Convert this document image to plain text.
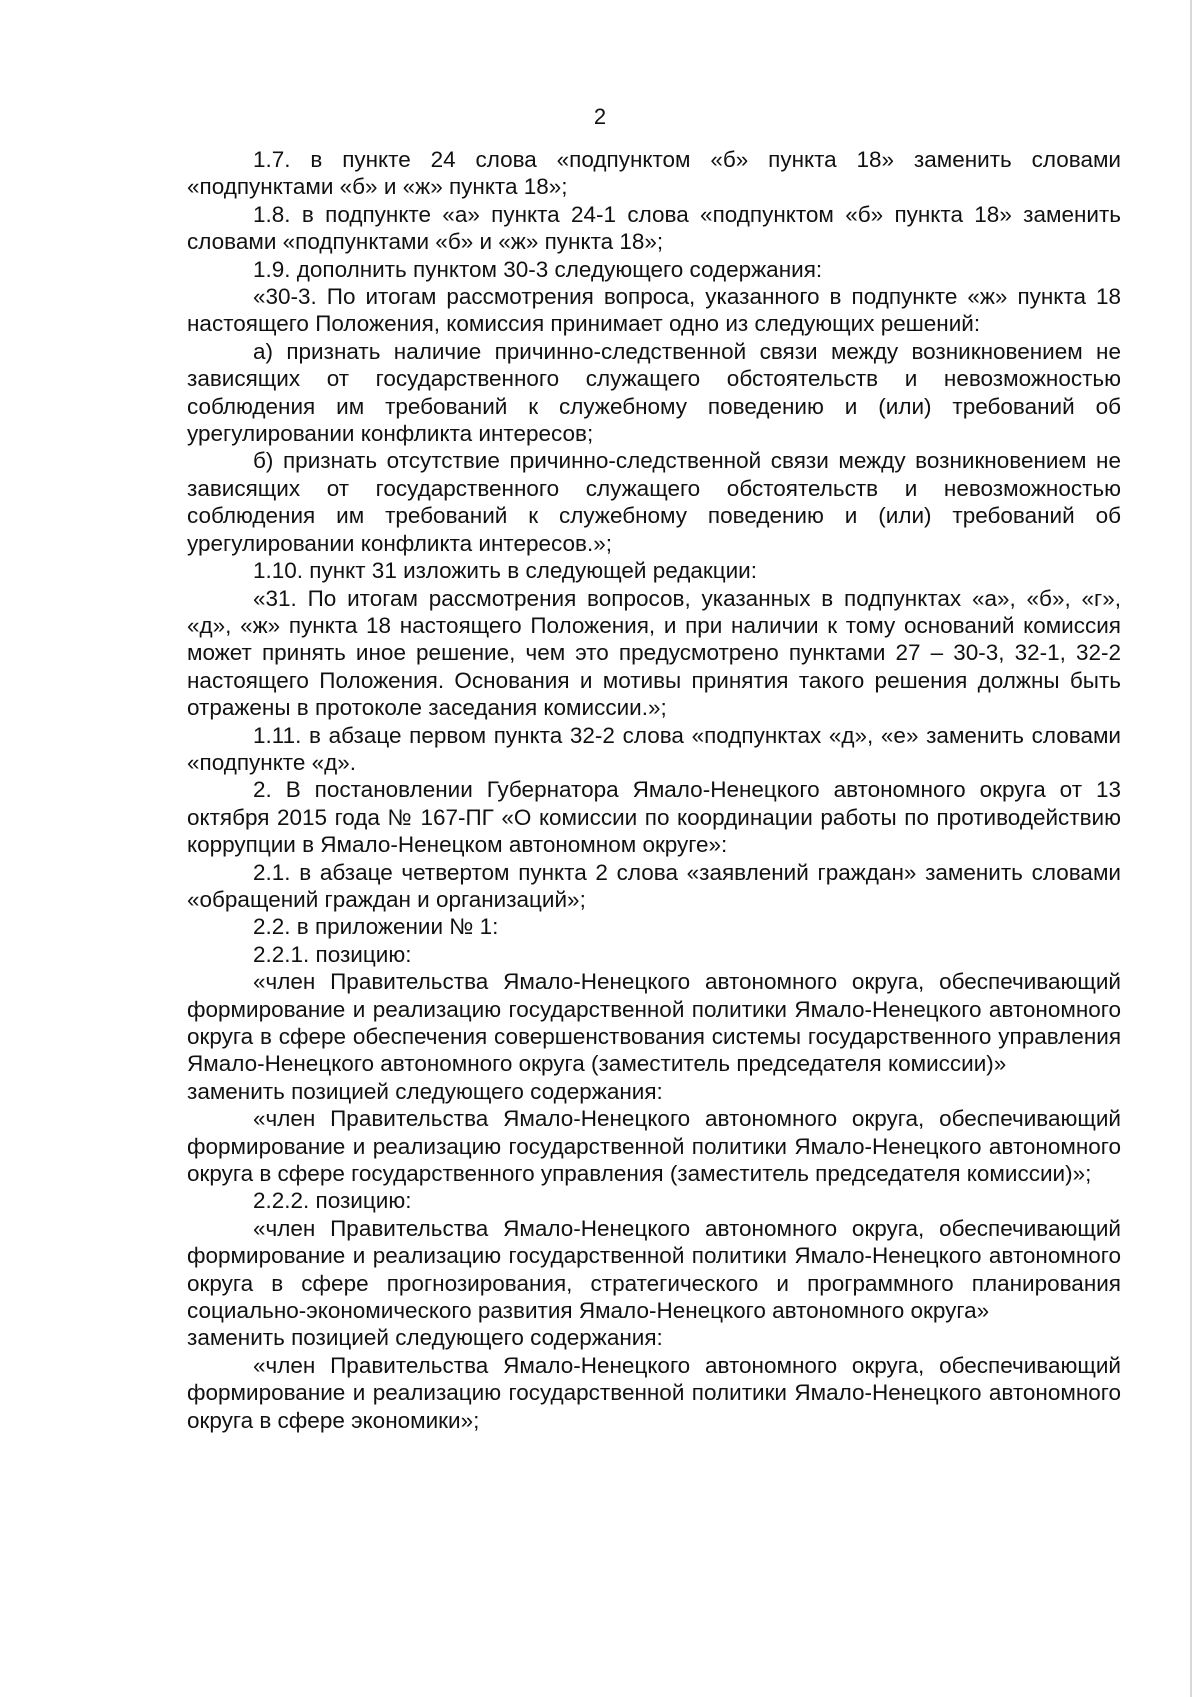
2

1.7. в пункте 24 слова «подпунктом «б» пункта 18» заменить словами «подпунктами «б» и «ж» пункта 18»;

1.8. в подпункте «а» пункта 24-1 слова «подпунктом «б» пункта 18» заменить словами «подпунктами «б» и «ж» пункта 18»;

1.9. дополнить пунктом 30-3 следующего содержания:

«30-3. По итогам рассмотрения вопроса, указанного в подпункте «ж» пункта 18 настоящего Положения, комиссия принимает одно из следующих решений:

а) признать наличие причинно-следственной связи между возникновением не зависящих от государственного служащего обстоятельств и невозможностью соблюдения им требований к служебному поведению и (или) требований об урегулировании конфликта интересов;

б) признать отсутствие причинно-следственной связи между возникновением не зависящих от государственного служащего обстоятельств и невозможностью соблюдения им требований к служебному поведению и (или) требований об урегулировании конфликта интересов.»;

1.10. пункт 31 изложить в следующей редакции:

«31. По итогам рассмотрения вопросов, указанных в подпунктах «а», «б», «г», «д», «ж» пункта 18 настоящего Положения, и при наличии к тому оснований комиссия может принять иное решение, чем это предусмотрено пунктами 27 – 30-3, 32-1, 32-2 настоящего Положения. Основания и мотивы принятия такого решения должны быть отражены в протоколе заседания комиссии.»;

1.11. в абзаце первом пункта 32-2 слова «подпунктах «д», «е» заменить словами «подпункте «д».

2. В постановлении Губернатора Ямало-Ненецкого автономного округа от 13 октября 2015 года № 167-ПГ «О комиссии по координации работы по противодействию коррупции в Ямало-Ненецком автономном округе»:

2.1. в абзаце четвертом пункта 2 слова «заявлений граждан» заменить словами «обращений граждан и организаций»;

2.2. в приложении № 1:

2.2.1. позицию:

«член Правительства Ямало-Ненецкого автономного округа, обеспечивающий формирование и реализацию государственной политики Ямало-Ненецкого автономного округа в сфере обеспечения совершенствования системы государственного управления Ямало-Ненецкого автономного округа (заместитель председателя комиссии)»

заменить позицией следующего содержания:

«член Правительства Ямало-Ненецкого автономного округа, обеспечивающий формирование и реализацию государственной политики Ямало-Ненецкого автономного округа в сфере государственного управления (заместитель председателя комиссии)»;

2.2.2. позицию:

«член Правительства Ямало-Ненецкого автономного округа, обеспечивающий формирование и реализацию государственной политики Ямало-Ненецкого автономного округа в сфере прогнозирования, стратегического и программного планирования социально-экономического развития Ямало-Ненецкого автономного округа»

заменить позицией следующего содержания:

«член Правительства Ямало-Ненецкого автономного округа, обеспечивающий формирование и реализацию государственной политики Ямало-Ненецкого автономного округа в сфере экономики»;
